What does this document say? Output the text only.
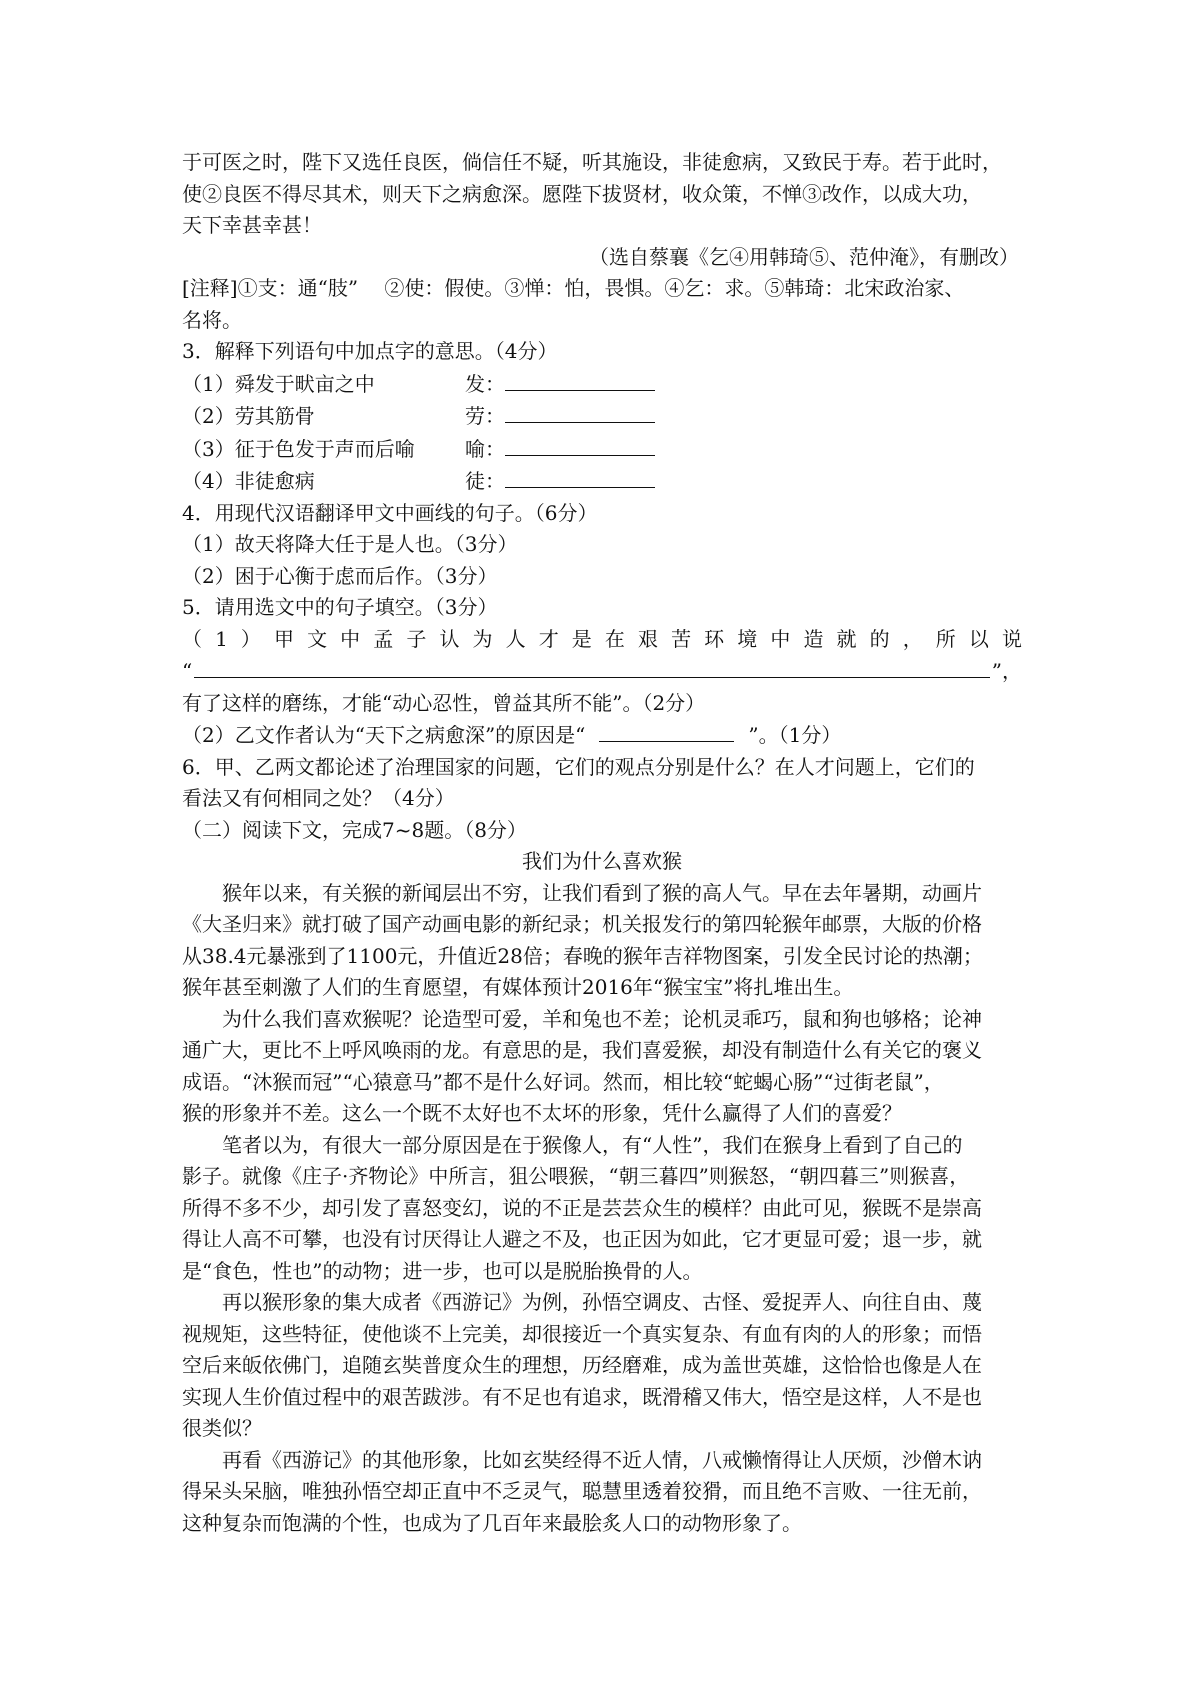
于可医之时，陛下又选任良医，倘信任不疑，听其施设，非徒愈病，又致民于寿。若于此时，
使②良医不得尽其术，则天下之病愈深。愿陛下拔贤材，收众策，不惮③改作，以成大功，
天下幸甚幸甚！
（选自蔡襄《乞④用韩琦⑤、范仲淹》，有删改）
[注释]①支：通“肢”　 ②使：假使。③惮：怕，畏惧。④乞：求。⑤韩琦：北宋政治家、
名将。
3．解释下列语句中加点字的意思。（4分）
（1）舜发于畎亩之中	发：
（2）劳其筋骨	劳：
（3）征于色发于声而后喻	喻：
（4）非徒愈病	徒：
4．用现代汉语翻译甲文中画线的句子。（6分）
（1）故天将降大任于是人也。（3分）
（2）困于心衡于虑而后作。（3分）
5．请用选文中的句子填空。（3分）
（1）甲文中孟子认为人才是在艰苦环境中造就的，所以说
“	”，
有了这样的磨练，才能“动心忍性，曾益其所不能”。（2分）
（2）乙文作者认为“天下之病愈深”的原因是“	”。（1分）
6．甲、乙两文都论述了治理国家的问题，它们的观点分别是什么？在人才问题上，它们的
看法又有何相同之处？（4分）
（二）阅读下文，完成7~8题。（8分）
我们为什么喜欢猴
猴年以来，有关猴的新闻层出不穷，让我们看到了猴的高人气。早在去年暑期，动画片
《大圣归来》就打破了国产动画电影的新纪录；机关报发行的第四轮猴年邮票，大版的价格
从38.4元暴涨到了1100元，升值近28倍；春晚的猴年吉祥物图案，引发全民讨论的热潮；
猴年甚至刺激了人们的生育愿望，有媒体预计2016年“猴宝宝”将扎堆出生。
为什么我们喜欢猴呢？论造型可爱，羊和兔也不差；论机灵乖巧，鼠和狗也够格；论神
通广大，更比不上呼风唤雨的龙。有意思的是，我们喜爱猴，却没有制造什么有关它的褒义
成语。“沐猴而冠”“心猿意马”都不是什么好词。然而，相比较“蛇蝎心肠”“过街老鼠”，
猴的形象并不差。这么一个既不太好也不太坏的形象，凭什么赢得了人们的喜爱？
笔者以为，有很大一部分原因是在于猴像人，有“人性”，我们在猴身上看到了自己的
影子。就像《庄子·齐物论》中所言，狙公喂猴，“朝三暮四”则猴怒，“朝四暮三”则猴喜，
所得不多不少，却引发了喜怒变幻，说的不正是芸芸众生的模样？由此可见，猴既不是崇高
得让人高不可攀，也没有讨厌得让人避之不及，也正因为如此，它才更显可爱；退一步，就
是“食色，性也”的动物；进一步，也可以是脱胎换骨的人。
再以猴形象的集大成者《西游记》为例，孙悟空调皮、古怪、爱捉弄人、向往自由、蔑
视规矩，这些特征，使他谈不上完美，却很接近一个真实复杂、有血有肉的人的形象；而悟
空后来皈依佛门，追随玄奘普度众生的理想，历经磨难，成为盖世英雄，这恰恰也像是人在
实现人生价值过程中的艰苦跋涉。有不足也有追求，既滑稽又伟大，悟空是这样，人不是也
很类似？
再看《西游记》的其他形象，比如玄奘经得不近人情，八戒懒惰得让人厌烦，沙僧木讷
得呆头呆脑，唯独孙悟空却正直中不乏灵气，聪慧里透着狡猾，而且绝不言败、一往无前，
这种复杂而饱满的个性，也成为了几百年来最脍炙人口的动物形象了。
